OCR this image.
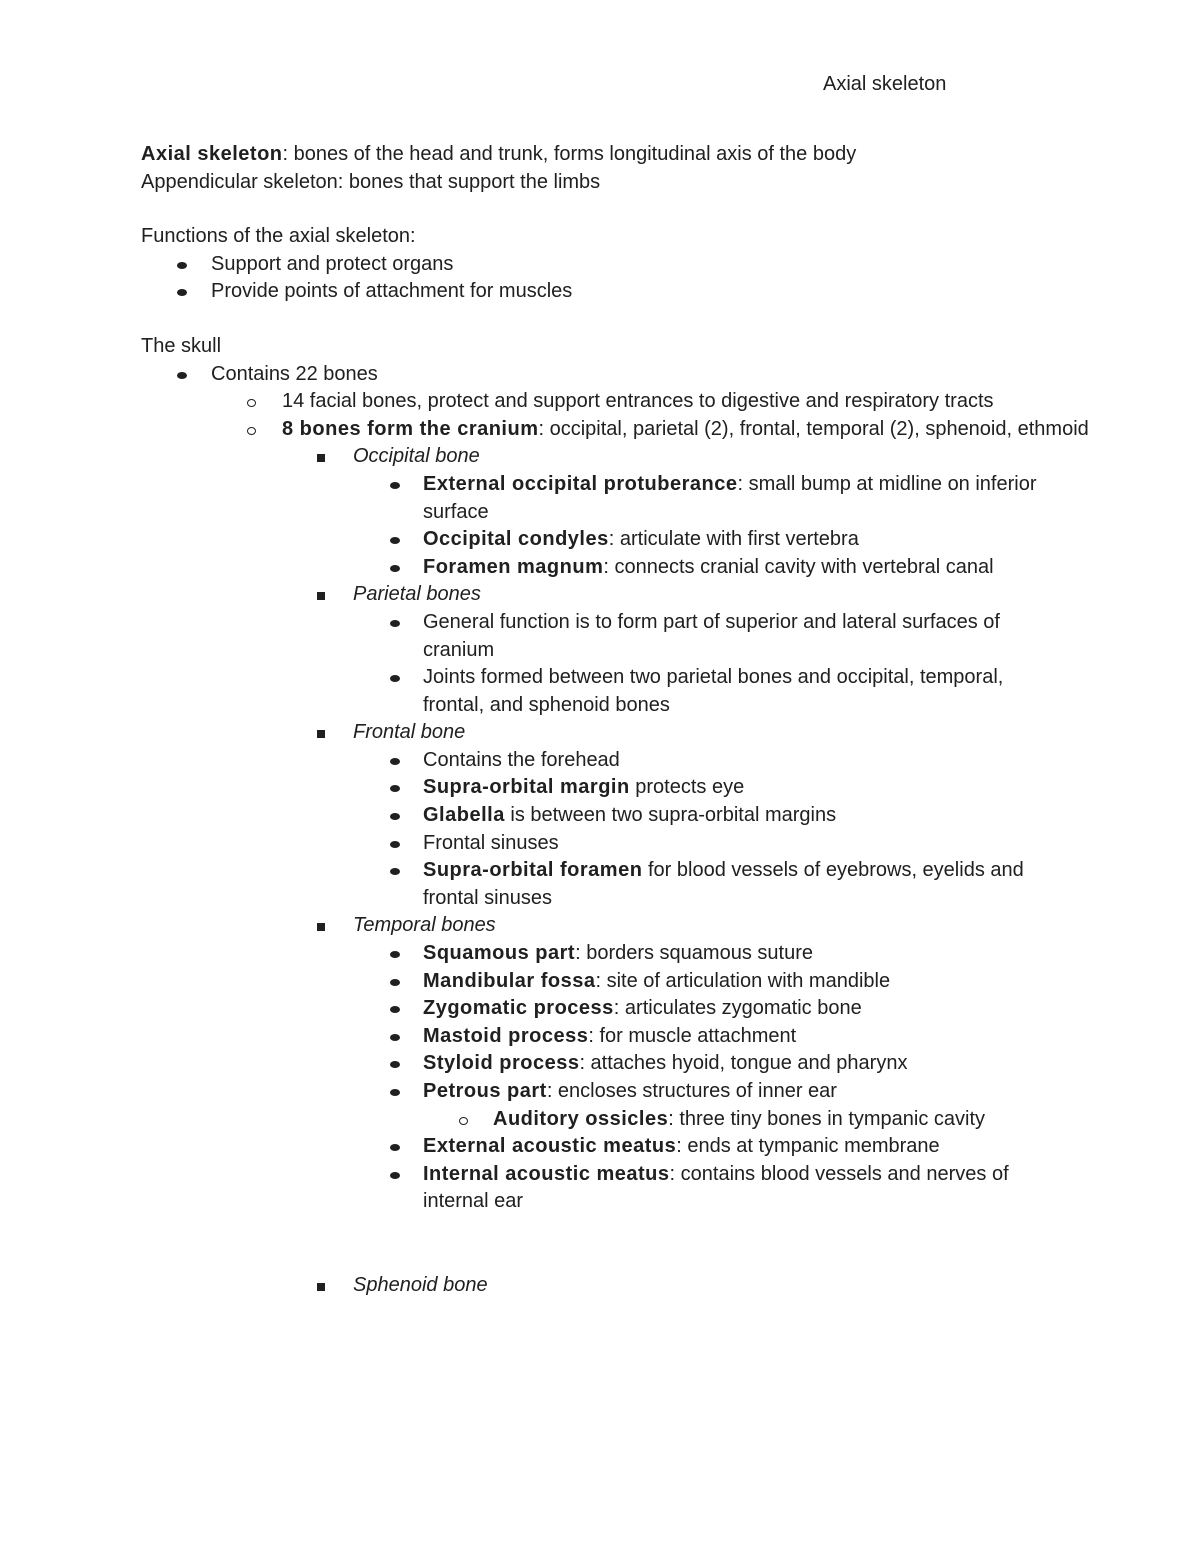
Axial skeleton

Axial skeleton: bones of the head and trunk, forms longitudinal axis of the body

Appendicular skeleton: bones that support the limbs

Functions of the axial skeleton:

Support and protect organs
Provide points of attachment for muscles

The skull

Contains 22 bones
14 facial bones, protect and support entrances to digestive and respiratory tracts
8 bones form the cranium: occipital, parietal (2), frontal, temporal (2), sphenoid, ethmoid
Occipital bone
External occipital protuberance: small bump at midline on inferior surface
Occipital condyles: articulate with first vertebra
Foramen magnum: connects cranial cavity with vertebral canal
Parietal bones
General function is to form part of superior and lateral surfaces of cranium
Joints formed between two parietal bones and occipital, temporal, frontal, and sphenoid bones
Frontal bone
Contains the forehead
Supra-orbital margin protects eye
Glabella is between two supra-orbital margins
Frontal sinuses
Supra-orbital foramen for blood vessels of eyebrows, eyelids and frontal sinuses
Temporal bones
Squamous part: borders squamous suture
Mandibular fossa: site of articulation with mandible
Zygomatic process: articulates zygomatic bone
Mastoid process: for muscle attachment
Styloid process: attaches hyoid, tongue and pharynx
Petrous part: encloses structures of inner ear
Auditory ossicles: three tiny bones in tympanic cavity
External acoustic meatus: ends at tympanic membrane
Internal acoustic meatus: contains blood vessels and nerves of internal ear
Sphenoid bone
